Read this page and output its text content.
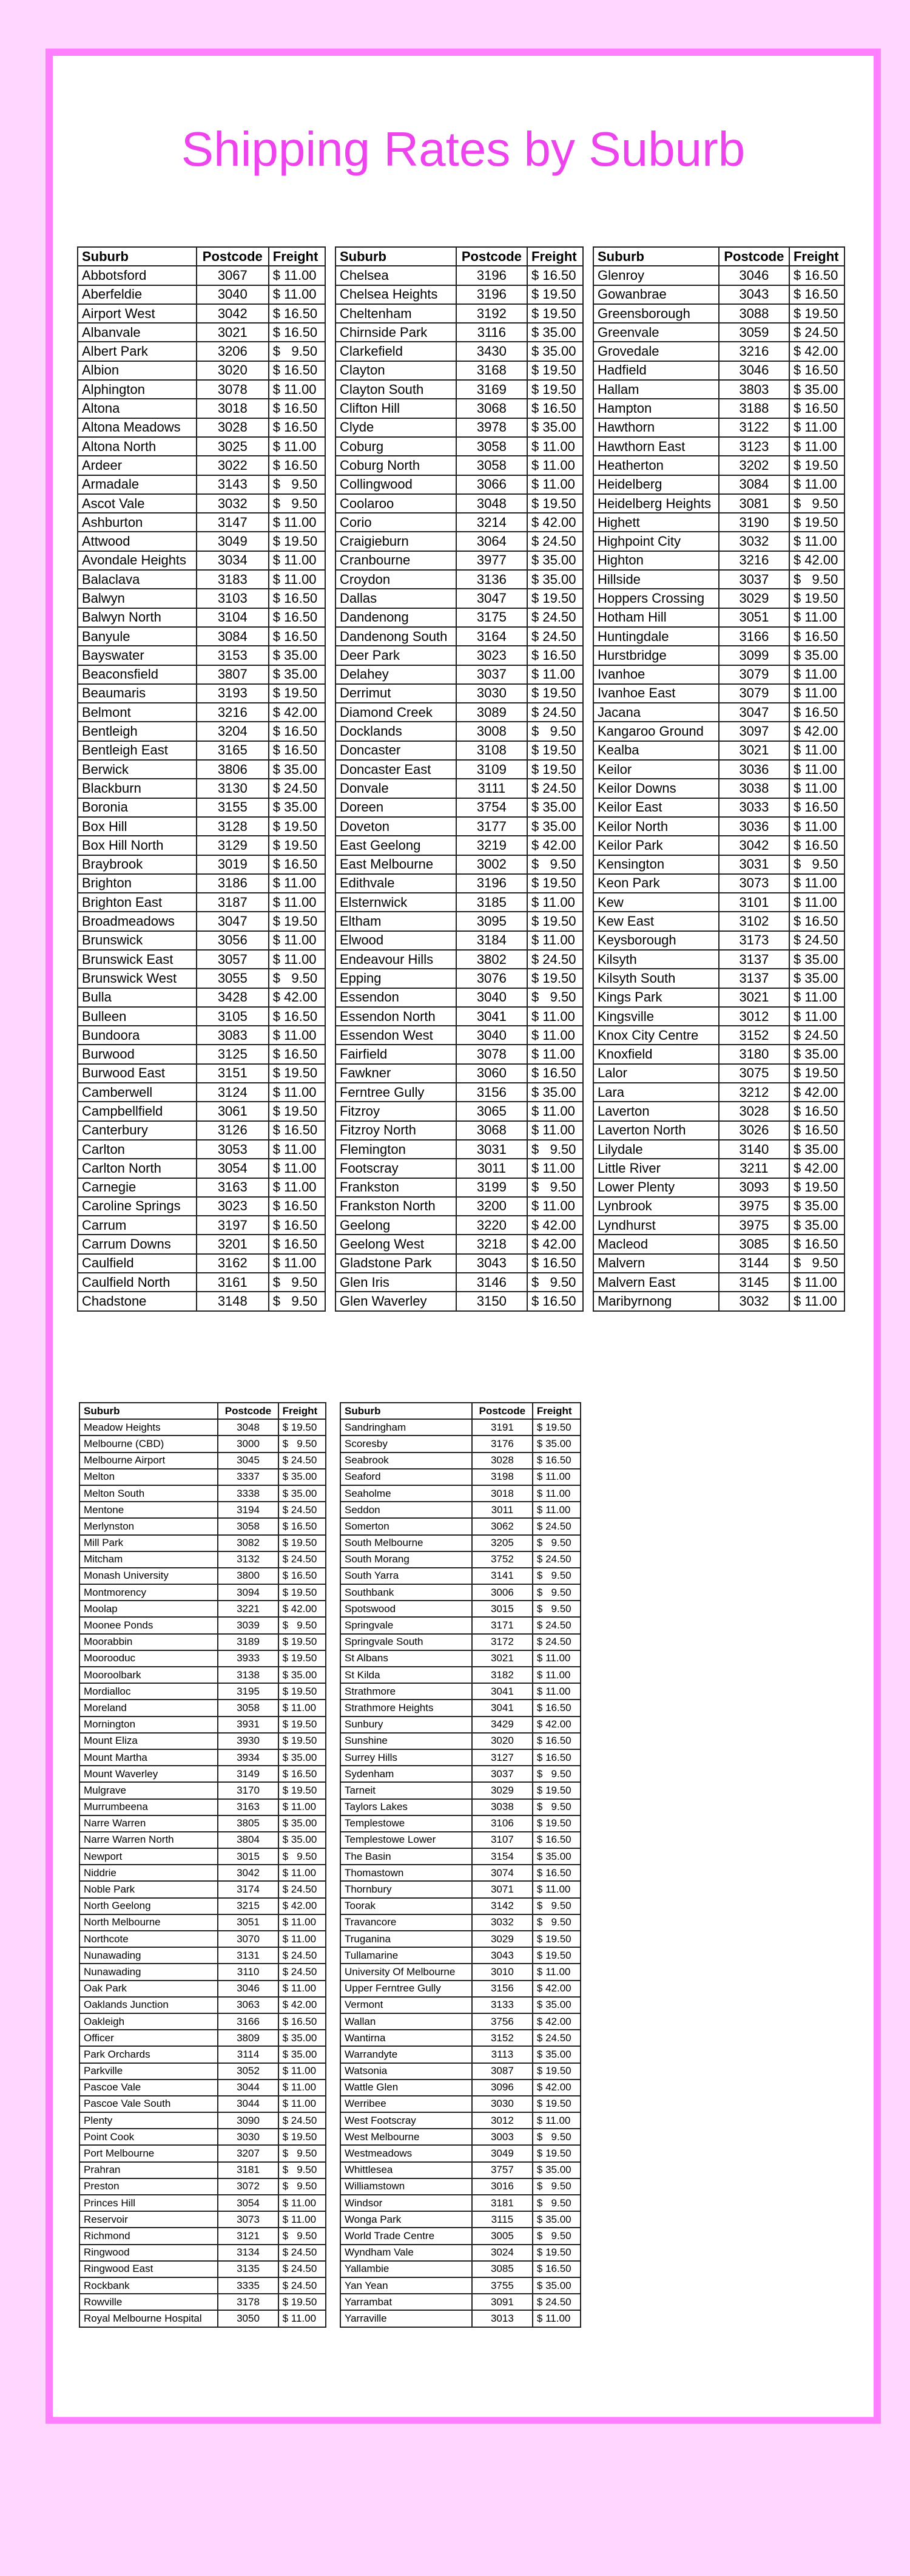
Shipping Rates by Suburb
Suburb	Postcode	Freight
Abbotsford	3067	$ 11.00
Aberfeldie	3040	$ 11.00
Airport West	3042	$ 16.50
Albanvale	3021	$ 16.50
Albert Park	3206	$   9.50
Albion	3020	$ 16.50
Alphington	3078	$ 11.00
Altona	3018	$ 16.50
Altona Meadows	3028	$ 16.50
Altona North	3025	$ 11.00
Ardeer	3022	$ 16.50
Armadale	3143	$   9.50
Ascot Vale	3032	$   9.50
Ashburton	3147	$ 11.00
Attwood	3049	$ 19.50
Avondale Heights	3034	$ 11.00
Balaclava	3183	$ 11.00
Balwyn	3103	$ 16.50
Balwyn North	3104	$ 16.50
Banyule	3084	$ 16.50
Bayswater	3153	$ 35.00
Beaconsfield	3807	$ 35.00
Beaumaris	3193	$ 19.50
Belmont	3216	$ 42.00
Bentleigh	3204	$ 16.50
Bentleigh East	3165	$ 16.50
Berwick	3806	$ 35.00
Blackburn	3130	$ 24.50
Boronia	3155	$ 35.00
Box Hill	3128	$ 19.50
Box Hill North	3129	$ 19.50
Braybrook	3019	$ 16.50
Brighton	3186	$ 11.00
Brighton East	3187	$ 11.00
Broadmeadows	3047	$ 19.50
Brunswick	3056	$ 11.00
Brunswick East	3057	$ 11.00
Brunswick West	3055	$   9.50
Bulla	3428	$ 42.00
Bulleen	3105	$ 16.50
Bundoora	3083	$ 11.00
Burwood	3125	$ 16.50
Burwood East	3151	$ 19.50
Camberwell	3124	$ 11.00
Campbellfield	3061	$ 19.50
Canterbury	3126	$ 16.50
Carlton	3053	$ 11.00
Carlton North	3054	$ 11.00
Carnegie	3163	$ 11.00
Caroline Springs	3023	$ 16.50
Carrum	3197	$ 16.50
Carrum Downs	3201	$ 16.50
Caulfield	3162	$ 11.00
Caulfield North	3161	$   9.50
Chadstone	3148	$   9.50
Suburb	Postcode	Freight
Chelsea	3196	$ 16.50
Chelsea Heights	3196	$ 19.50
Cheltenham	3192	$ 19.50
Chirnside Park	3116	$ 35.00
Clarkefield	3430	$ 35.00
Clayton	3168	$ 19.50
Clayton South	3169	$ 19.50
Clifton Hill	3068	$ 16.50
Clyde	3978	$ 35.00
Coburg	3058	$ 11.00
Coburg North	3058	$ 11.00
Collingwood	3066	$ 11.00
Coolaroo	3048	$ 19.50
Corio	3214	$ 42.00
Craigieburn	3064	$ 24.50
Cranbourne	3977	$ 35.00
Croydon	3136	$ 35.00
Dallas	3047	$ 19.50
Dandenong	3175	$ 24.50
Dandenong South	3164	$ 24.50
Deer Park	3023	$ 16.50
Delahey	3037	$ 11.00
Derrimut	3030	$ 19.50
Diamond Creek	3089	$ 24.50
Docklands	3008	$   9.50
Doncaster	3108	$ 19.50
Doncaster East	3109	$ 19.50
Donvale	3111	$ 24.50
Doreen	3754	$ 35.00
Doveton	3177	$ 35.00
East Geelong	3219	$ 42.00
East Melbourne	3002	$   9.50
Edithvale	3196	$ 19.50
Elsternwick	3185	$ 11.00
Eltham	3095	$ 19.50
Elwood	3184	$ 11.00
Endeavour Hills	3802	$ 24.50
Epping	3076	$ 19.50
Essendon	3040	$   9.50
Essendon North	3041	$ 11.00
Essendon West	3040	$ 11.00
Fairfield	3078	$ 11.00
Fawkner	3060	$ 16.50
Ferntree Gully	3156	$ 35.00
Fitzroy	3065	$ 11.00
Fitzroy North	3068	$ 11.00
Flemington	3031	$   9.50
Footscray	3011	$ 11.00
Frankston	3199	$   9.50
Frankston North	3200	$ 11.00
Geelong	3220	$ 42.00
Geelong West	3218	$ 42.00
Gladstone Park	3043	$ 16.50
Glen Iris	3146	$   9.50
Glen Waverley	3150	$ 16.50
Suburb	Postcode	Freight
Glenroy	3046	$ 16.50
Gowanbrae	3043	$ 16.50
Greensborough	3088	$ 19.50
Greenvale	3059	$ 24.50
Grovedale	3216	$ 42.00
Hadfield	3046	$ 16.50
Hallam	3803	$ 35.00
Hampton	3188	$ 16.50
Hawthorn	3122	$ 11.00
Hawthorn East	3123	$ 11.00
Heatherton	3202	$ 19.50
Heidelberg	3084	$ 11.00
Heidelberg Heights	3081	$   9.50
Highett	3190	$ 19.50
Highpoint City	3032	$ 11.00
Highton	3216	$ 42.00
Hillside	3037	$   9.50
Hoppers Crossing	3029	$ 19.50
Hotham Hill	3051	$ 11.00
Huntingdale	3166	$ 16.50
Hurstbridge	3099	$ 35.00
Ivanhoe	3079	$ 11.00
Ivanhoe East	3079	$ 11.00
Jacana	3047	$ 16.50
Kangaroo Ground	3097	$ 42.00
Kealba	3021	$ 11.00
Keilor	3036	$ 11.00
Keilor Downs	3038	$ 11.00
Keilor East	3033	$ 16.50
Keilor North	3036	$ 11.00
Keilor Park	3042	$ 16.50
Kensington	3031	$   9.50
Keon Park	3073	$ 11.00
Kew	3101	$ 11.00
Kew East	3102	$ 16.50
Keysborough	3173	$ 24.50
Kilsyth	3137	$ 35.00
Kilsyth South	3137	$ 35.00
Kings Park	3021	$ 11.00
Kingsville	3012	$ 11.00
Knox City Centre	3152	$ 24.50
Knoxfield	3180	$ 35.00
Lalor	3075	$ 19.50
Lara	3212	$ 42.00
Laverton	3028	$ 16.50
Laverton North	3026	$ 16.50
Lilydale	3140	$ 35.00
Little River	3211	$ 42.00
Lower Plenty	3093	$ 19.50
Lynbrook	3975	$ 35.00
Lyndhurst	3975	$ 35.00
Macleod	3085	$ 16.50
Malvern	3144	$   9.50
Malvern East	3145	$ 11.00
Maribyrnong	3032	$ 11.00
Suburb	Postcode	Freight
Meadow Heights	3048	$ 19.50
Melbourne (CBD)	3000	$   9.50
Melbourne Airport	3045	$ 24.50
Melton	3337	$ 35.00
Melton South	3338	$ 35.00
Mentone	3194	$ 24.50
Merlynston	3058	$ 16.50
Mill Park	3082	$ 19.50
Mitcham	3132	$ 24.50
Monash University	3800	$ 16.50
Montmorency	3094	$ 19.50
Moolap	3221	$ 42.00
Moonee Ponds	3039	$   9.50
Moorabbin	3189	$ 19.50
Moorooduc	3933	$ 19.50
Mooroolbark	3138	$ 35.00
Mordialloc	3195	$ 19.50
Moreland	3058	$ 11.00
Mornington	3931	$ 19.50
Mount Eliza	3930	$ 19.50
Mount Martha	3934	$ 35.00
Mount Waverley	3149	$ 16.50
Mulgrave	3170	$ 19.50
Murrumbeena	3163	$ 11.00
Narre Warren	3805	$ 35.00
Narre Warren North	3804	$ 35.00
Newport	3015	$   9.50
Niddrie	3042	$ 11.00
Noble Park	3174	$ 24.50
North Geelong	3215	$ 42.00
North Melbourne	3051	$ 11.00
Northcote	3070	$ 11.00
Nunawading	3131	$ 24.50
Nunawading	3110	$ 24.50
Oak Park	3046	$ 11.00
Oaklands Junction	3063	$ 42.00
Oakleigh	3166	$ 16.50
Officer	3809	$ 35.00
Park Orchards	3114	$ 35.00
Parkville	3052	$ 11.00
Pascoe Vale	3044	$ 11.00
Pascoe Vale South	3044	$ 11.00
Plenty	3090	$ 24.50
Point Cook	3030	$ 19.50
Port Melbourne	3207	$   9.50
Prahran	3181	$   9.50
Preston	3072	$   9.50
Princes Hill	3054	$ 11.00
Reservoir	3073	$ 11.00
Richmond	3121	$   9.50
Ringwood	3134	$ 24.50
Ringwood East	3135	$ 24.50
Rockbank	3335	$ 24.50
Rowville	3178	$ 19.50
Royal Melbourne Hospital	3050	$ 11.00
Suburb	Postcode	Freight
Sandringham	3191	$ 19.50
Scoresby	3176	$ 35.00
Seabrook	3028	$ 16.50
Seaford	3198	$ 11.00
Seaholme	3018	$ 11.00
Seddon	3011	$ 11.00
Somerton	3062	$ 24.50
South Melbourne	3205	$   9.50
South Morang	3752	$ 24.50
South Yarra	3141	$   9.50
Southbank	3006	$   9.50
Spotswood	3015	$   9.50
Springvale	3171	$ 24.50
Springvale South	3172	$ 24.50
St Albans	3021	$ 11.00
St Kilda	3182	$ 11.00
Strathmore	3041	$ 11.00
Strathmore Heights	3041	$ 16.50
Sunbury	3429	$ 42.00
Sunshine	3020	$ 16.50
Surrey Hills	3127	$ 16.50
Sydenham	3037	$   9.50
Tarneit	3029	$ 19.50
Taylors Lakes	3038	$   9.50
Templestowe	3106	$ 19.50
Templestowe Lower	3107	$ 16.50
The Basin	3154	$ 35.00
Thomastown	3074	$ 16.50
Thornbury	3071	$ 11.00
Toorak	3142	$   9.50
Travancore	3032	$   9.50
Truganina	3029	$ 19.50
Tullamarine	3043	$ 19.50
University Of Melbourne	3010	$ 11.00
Upper Ferntree Gully	3156	$ 42.00
Vermont	3133	$ 35.00
Wallan	3756	$ 42.00
Wantirna	3152	$ 24.50
Warrandyte	3113	$ 35.00
Watsonia	3087	$ 19.50
Wattle Glen	3096	$ 42.00
Werribee	3030	$ 19.50
West Footscray	3012	$ 11.00
West Melbourne	3003	$   9.50
Westmeadows	3049	$ 19.50
Whittlesea	3757	$ 35.00
Williamstown	3016	$   9.50
Windsor	3181	$   9.50
Wonga Park	3115	$ 35.00
World Trade Centre	3005	$   9.50
Wyndham Vale	3024	$ 19.50
Yallambie	3085	$ 16.50
Yan Yean	3755	$ 35.00
Yarrambat	3091	$ 24.50
Yarraville	3013	$ 11.00
